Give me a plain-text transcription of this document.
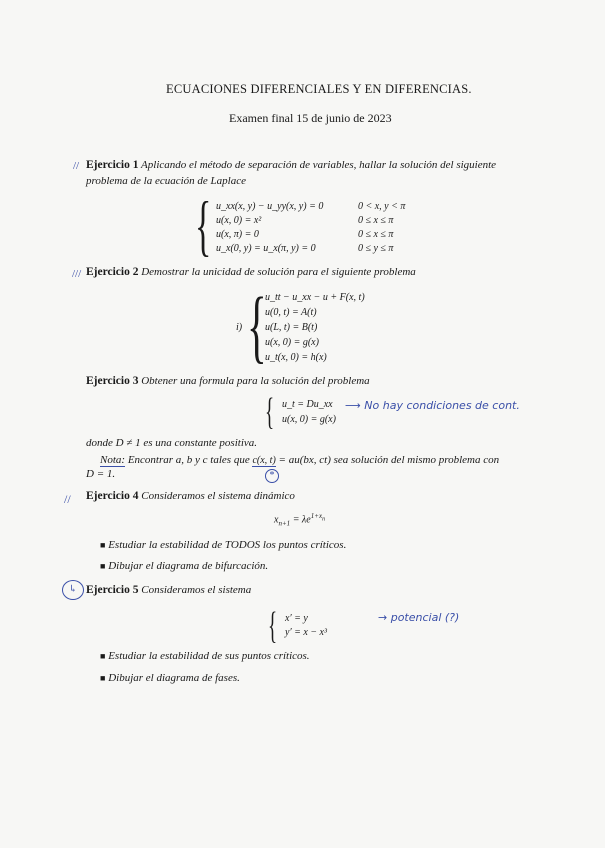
ECUACIONES DIFERENCIALES Y EN DIFERENCIAS.
Examen final 15 de junio de 2023
// Ejercicio 1 Aplicando el método de separación de variables, hallar la solución del siguiente
problema de la ecuación de Laplace
{ u_xx(x, y) − u_yy(x, y) = 0	0 < x, y < π
u(x, 0) = x²	0 ≤ x ≤ π
u(x, π) = 0	0 ≤ x ≤ π
u_x(0, y) = u_x(π, y) = 0	0 ≤ y ≤ π
/// Ejercicio 2 Demostrar la unicidad de solución para el siguiente problema
i) {
u_tt − u_xx − u + F(x, t)
u(0, t) = A(t)
u(L, t) = B(t)
u(x, 0) = g(x)
u_t(x, 0) = h(x)
Ejercicio 3 Obtener una formula para la solución del problema
{ u_t = Du_xx
u(x, 0) = g(x)
⟶ No hay condiciones de cont.
donde D ≠ 1 es una constante positiva.
Nota: Encontrar a, b y c tales que c(x, t) = au(bx, ct) sea solución del mismo problema con
D = 1.	*
// Ejercicio 4 Consideramos el sistema dinámico
$x_{n+1} = \lambda e^{1+x_n}$
■ Estudiar la estabilidad de TODOS los puntos críticos.
■ Dibujar el diagrama de bifurcación.
↳ Ejercicio 5 Consideramos el sistema
{ x′ = y
y′ = x − x³
→ potencial (?)
■ Estudiar la estabilidad de sus puntos críticos.
■ Dibujar el diagrama de fases.
